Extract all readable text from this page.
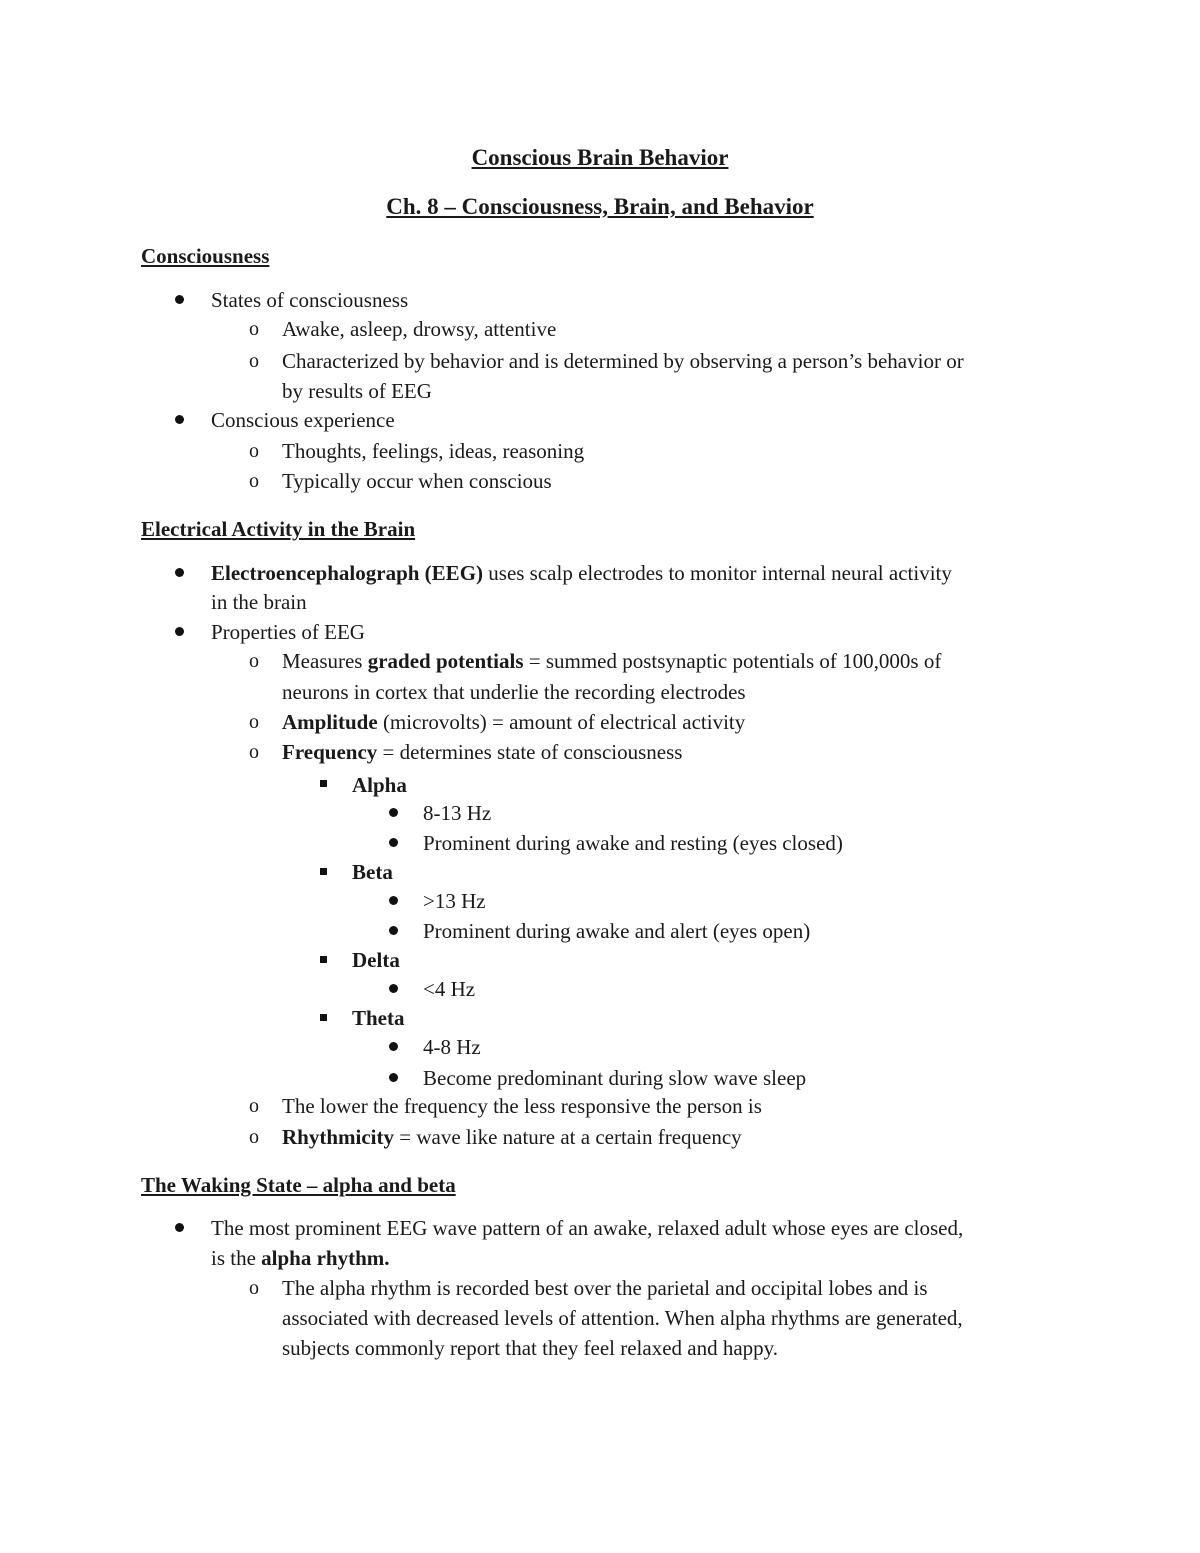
Conscious Brain Behavior
Ch. 8 – Consciousness, Brain, and Behavior
Consciousness
States of consciousness
o Awake, asleep, drowsy, attentive
o Characterized by behavior and is determined by observing a person’s behavior or
by results of EEG
Conscious experience
o Thoughts, feelings, ideas, reasoning
o Typically occur when conscious
Electrical Activity in the Brain
Electroencephalograph (EEG) uses scalp electrodes to monitor internal neural activity
in the brain
Properties of EEG
o Measures graded potentials = summed postsynaptic potentials of 100,000s of
neurons in cortex that underlie the recording electrodes
o Amplitude (microvolts) = amount of electrical activity
o Frequency = determines state of consciousness
Alpha
8-13 Hz
Prominent during awake and resting (eyes closed)
Beta
>13 Hz
Prominent during awake and alert (eyes open)
Delta
<4 Hz
Theta
4-8 Hz
Become predominant during slow wave sleep
o The lower the frequency the less responsive the person is
o Rhythmicity = wave like nature at a certain frequency
The Waking State – alpha and beta
The most prominent EEG wave pattern of an awake, relaxed adult whose eyes are closed,
is the alpha rhythm.
o The alpha rhythm is recorded best over the parietal and occipital lobes and is
associated with decreased levels of attention. When alpha rhythms are generated,
subjects commonly report that they feel relaxed and happy.
